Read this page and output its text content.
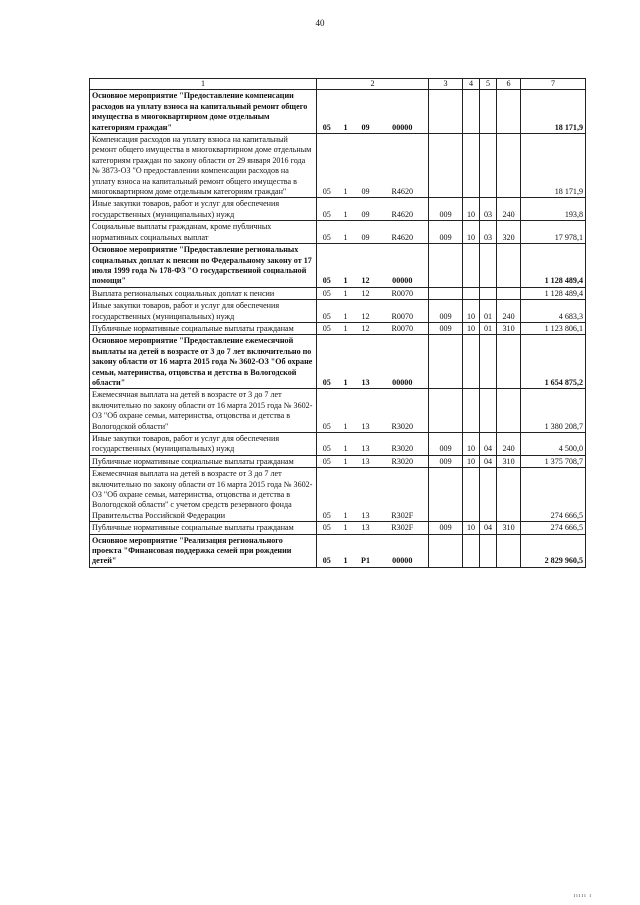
40
1	2				3	4	5	6	7
Основное мероприятие "Предоставление компенсации расходов на уплату взноса на капитальный ремонт общего имущества в многоквартирном доме отдельным категориям граждан"	05	1	09	00000					18 171,9
Компенсация расходов на уплату взноса на капитальный ремонт общего имущества в многоквартирном доме отдельным категориям граждан по закону области от 29 января 2016 года № 3873-ОЗ "О предоставлении компенсации расходов на уплату взноса на капитальный ремонт общего имущества в многоквартирном доме отдельным категориям граждан"	05	1	09	R4620					18 171,9
Иные закупки товаров, работ и услуг для обеспечения государственных (муниципальных) нужд	05	1	09	R4620	009	10	03	240	193,8
Социальные выплаты гражданам, кроме публичных нормативных социальных выплат	05	1	09	R4620	009	10	03	320	17 978,1
Основное мероприятие "Предоставление региональных социальных доплат к пенсии по Федеральному закону от 17 июля 1999 года № 178-ФЗ "О государственной социальной помощи"	05	1	12	00000					1 128 489,4
Выплата региональных социальных доплат к пенсии	05	1	12	R0070					1 128 489,4
Иные закупки товаров, работ и услуг для обеспечения государственных (муниципальных) нужд	05	1	12	R0070	009	10	01	240	4 683,3
Публичные нормативные социальные выплаты гражданам	05	1	12	R0070	009	10	01	310	1 123 806,1
Основное мероприятие "Предоставление ежемесячной выплаты на детей в возрасте от 3 до 7 лет включительно по закону области от 16 марта 2015 года № 3602-ОЗ "Об охране семьи, материнства, отцовства и детства в Вологодской области"	05	1	13	00000					1 654 875,2
Ежемесячная выплата на детей в возрасте от 3 до 7 лет включительно по закону области от 16 марта 2015 года № 3602-ОЗ "Об охране семьи, материнства, отцовства и детства в Вологодской области"	05	1	13	R3020					1 380 208,7
Иные закупки товаров, работ и услуг для обеспечения государственных (муниципальных) нужд	05	1	13	R3020	009	10	04	240	4 500,0
Публичные нормативные социальные выплаты гражданам	05	1	13	R3020	009	10	04	310	1 375 708,7
Ежемесячная выплата на детей в возрасте от 3 до 7 лет включительно по закону области от 16 марта 2015 года № 3602-ОЗ "Об охране семьи, материнства, отцовства и детства в Вологодской области" с учетом средств резервного фонда Правительства Российской Федерации	05	1	13	R302F					274 666,5
Публичные нормативные социальные выплаты гражданам	05	1	13	R302F	009	10	04	310	274 666,5
Основное мероприятие "Реализация регионального проекта "Финансовая поддержка семей при рождении детей"	05	1	P1	00000					2 829 960,5
ııııı ı
